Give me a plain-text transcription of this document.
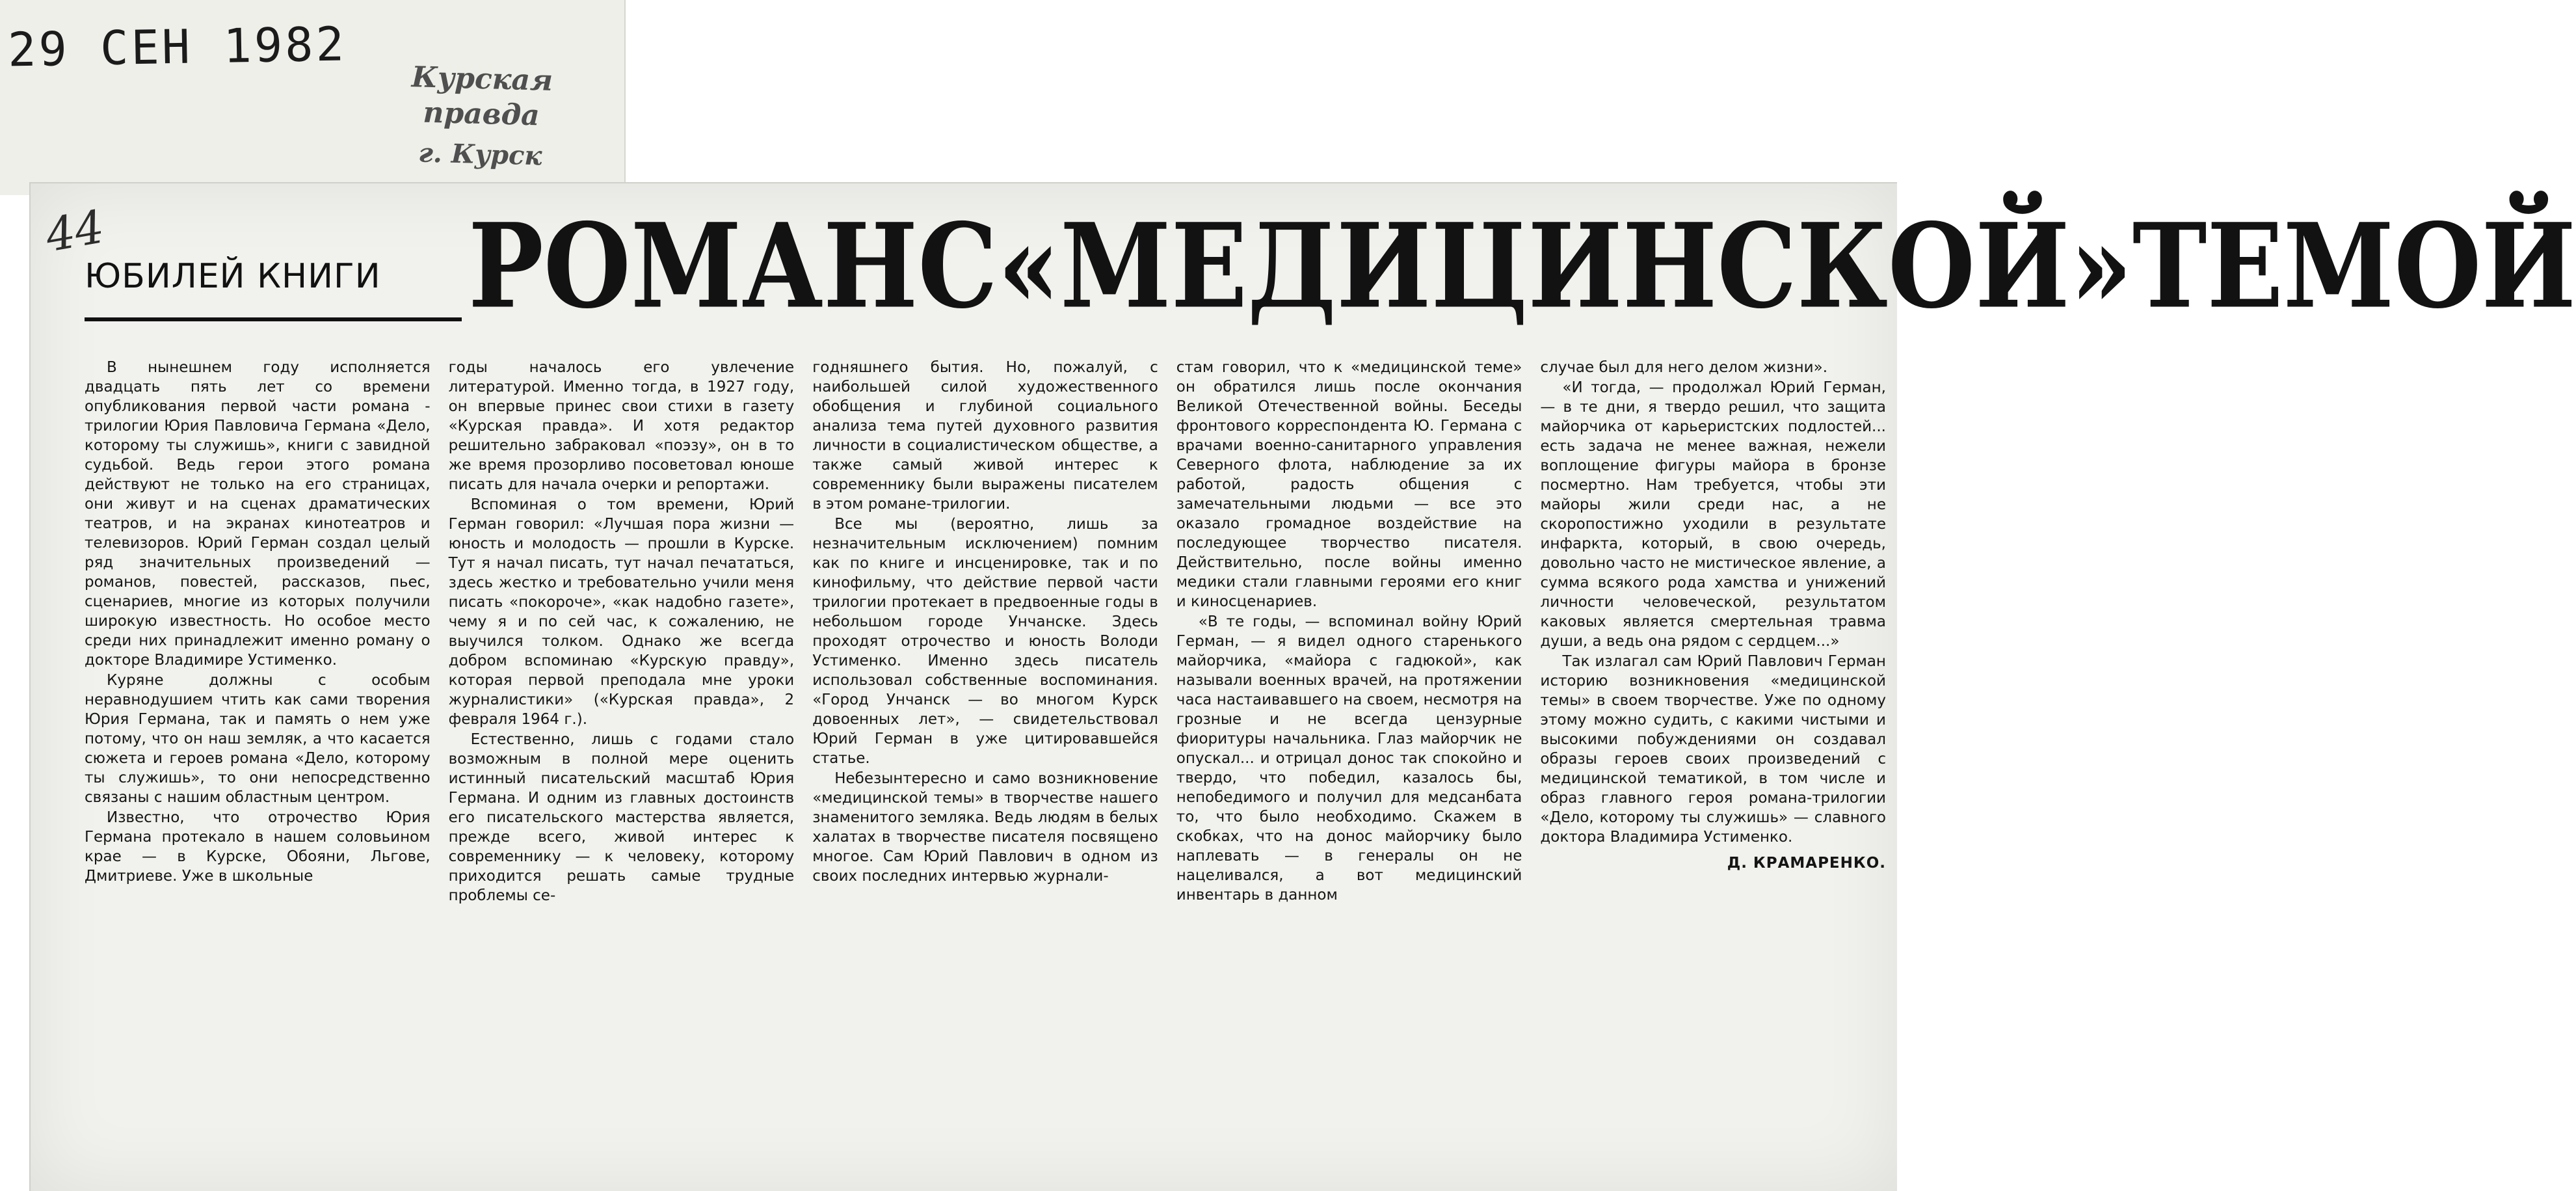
29 СЕН 1982
Курская правда
г. Курск
44
ЮБИЛЕЙ КНИГИ РОМАН С «МЕДИЦИНСКОЙ» ТЕМОЙ

В нынешнем году исполняется двадцать пять лет со времени опубликования первой части романа - трилогии Юрия Павловича Германа «Дело, которому ты служишь», книги с завидной судьбой. Ведь герои этого романа действуют не только на его страницах, они живут и на сценах драматических театров, и на экранах кинотеатров и телевизоров. Юрий Герман создал целый ряд значительных произведений — романов, повестей, рассказов, пьес, сценариев, многие из которых получили широкую известность. Но особое место среди них принадлежит именно роману о докторе Владимире Устименко.

Куряне должны с особым неравнодушием чтить как сами творения Юрия Германа, так и память о нем уже потому, что он наш земляк, а что касается сюжета и героев романа «Дело, которому ты служишь», то они непосредственно связаны с нашим областным центром.

Известно, что отрочество Юрия Германа протекало в нашем соловьином крае — в Курске, Обояни, Льгове, Дмитриеве. Уже в школьные

годы началось его увлечение литературой. Именно тогда, в 1927 году, он впервые принес свои стихи в газету «Курская правда». И хотя редактор решительно забраковал «поэзу», он в то же время прозорливо посоветовал юноше писать для начала очерки и репортажи.

Вспоминая о том времени, Юрий Герман говорил: «Лучшая пора жизни — юность и молодость — прошли в Курске. Тут я начал писать, тут начал печататься, здесь жестко и требовательно учили меня писать «покороче», «как надобно газете», чему я и по сей час, к сожалению, не выучился толком. Однако же всегда добром вспоминаю «Курскую правду», которая первой преподала мне уроки журналистики» («Курская правда», 2 февраля 1964 г.).

Естественно, лишь с годами стало возможным в полной мере оценить истинный писательский масштаб Юрия Германа. И одним из главных достоинств его писательского мастерства является, прежде всего, живой интерес к современнику — к человеку, которому приходится решать самые трудные проблемы се-

годняшнего бытия. Но, пожалуй, с наибольшей силой художественного обобщения и глубиной социального анализа тема путей духовного развития личности в социалистическом обществе, а также самый живой интерес к современнику были выражены писателем в этом романе-трилогии.

Все мы (вероятно, лишь за незначительным исключением) помним как по книге и инсценировке, так и по кинофильму, что действие первой части трилогии протекает в предвоенные годы в небольшом городе Унчанске. Здесь проходят отрочество и юность Володи Устименко. Именно здесь писатель использовал собственные воспоминания. «Город Унчанск — во многом Курск довоенных лет», — свидетельствовал Юрий Герман в уже цитировавшейся статье.

Небезынтересно и само возникновение «медицинской темы» в творчестве нашего знаменитого земляка. Ведь людям в белых халатах в творчестве писателя посвящено многое. Сам Юрий Павлович в одном из своих последних интервью журнали-

стам говорил, что к «медицинской теме» он обратился лишь после окончания Великой Отечественной войны. Беседы фронтового корреспондента Ю. Германа с врачами военно-санитарного управления Северного флота, наблюдение за их работой, радость общения с замечательными людьми — все это оказало громадное воздействие на последующее творчество писателя. Действительно, после войны именно медики стали главными героями его книг и киносценариев.

«В те годы, — вспоминал войну Юрий Герман, — я видел одного старенького майорчика, «майора с гадюкой», как называли военных врачей, на протяжении часа настаивавшего на своем, несмотря на грозные и не всегда цензурные фиоритуры начальника. Глаз майорчик не опускал... и отрицал донос так спокойно и твердо, что победил, казалось бы, непобедимого и получил для медсанбата то, что было необходимо. Скажем в скобках, что на донос майорчику было наплевать — в генералы он не нацеливался, а вот медицинский инвентарь в данном

случае был для него делом жизни».

«И тогда, — продолжал Юрий Герман, — в те дни, я твердо решил, что защита майорчика от карьеристских подлостей... есть задача не менее важная, нежели воплощение фигуры майора в бронзе посмертно. Нам требуется, чтобы эти майоры жили среди нас, а не скоропостижно уходили в результате инфаркта, который, в свою очередь, довольно часто не мистическое явление, а сумма всякого рода хамства и унижений личности человеческой, результатом каковых является смертельная травма души, а ведь она рядом с сердцем...»

Так излагал сам Юрий Павлович Герман историю возникновения «медицинской темы» в своем творчестве. Уже по одному этому можно судить, с какими чистыми и высокими побуждениями он создавал образы героев своих произведений с медицинской тематикой, в том числе и образ главного героя романа-трилогии «Дело, которому ты служишь» — славного доктора Владимира Устименко.

Д. КРАМАРЕНКО.
